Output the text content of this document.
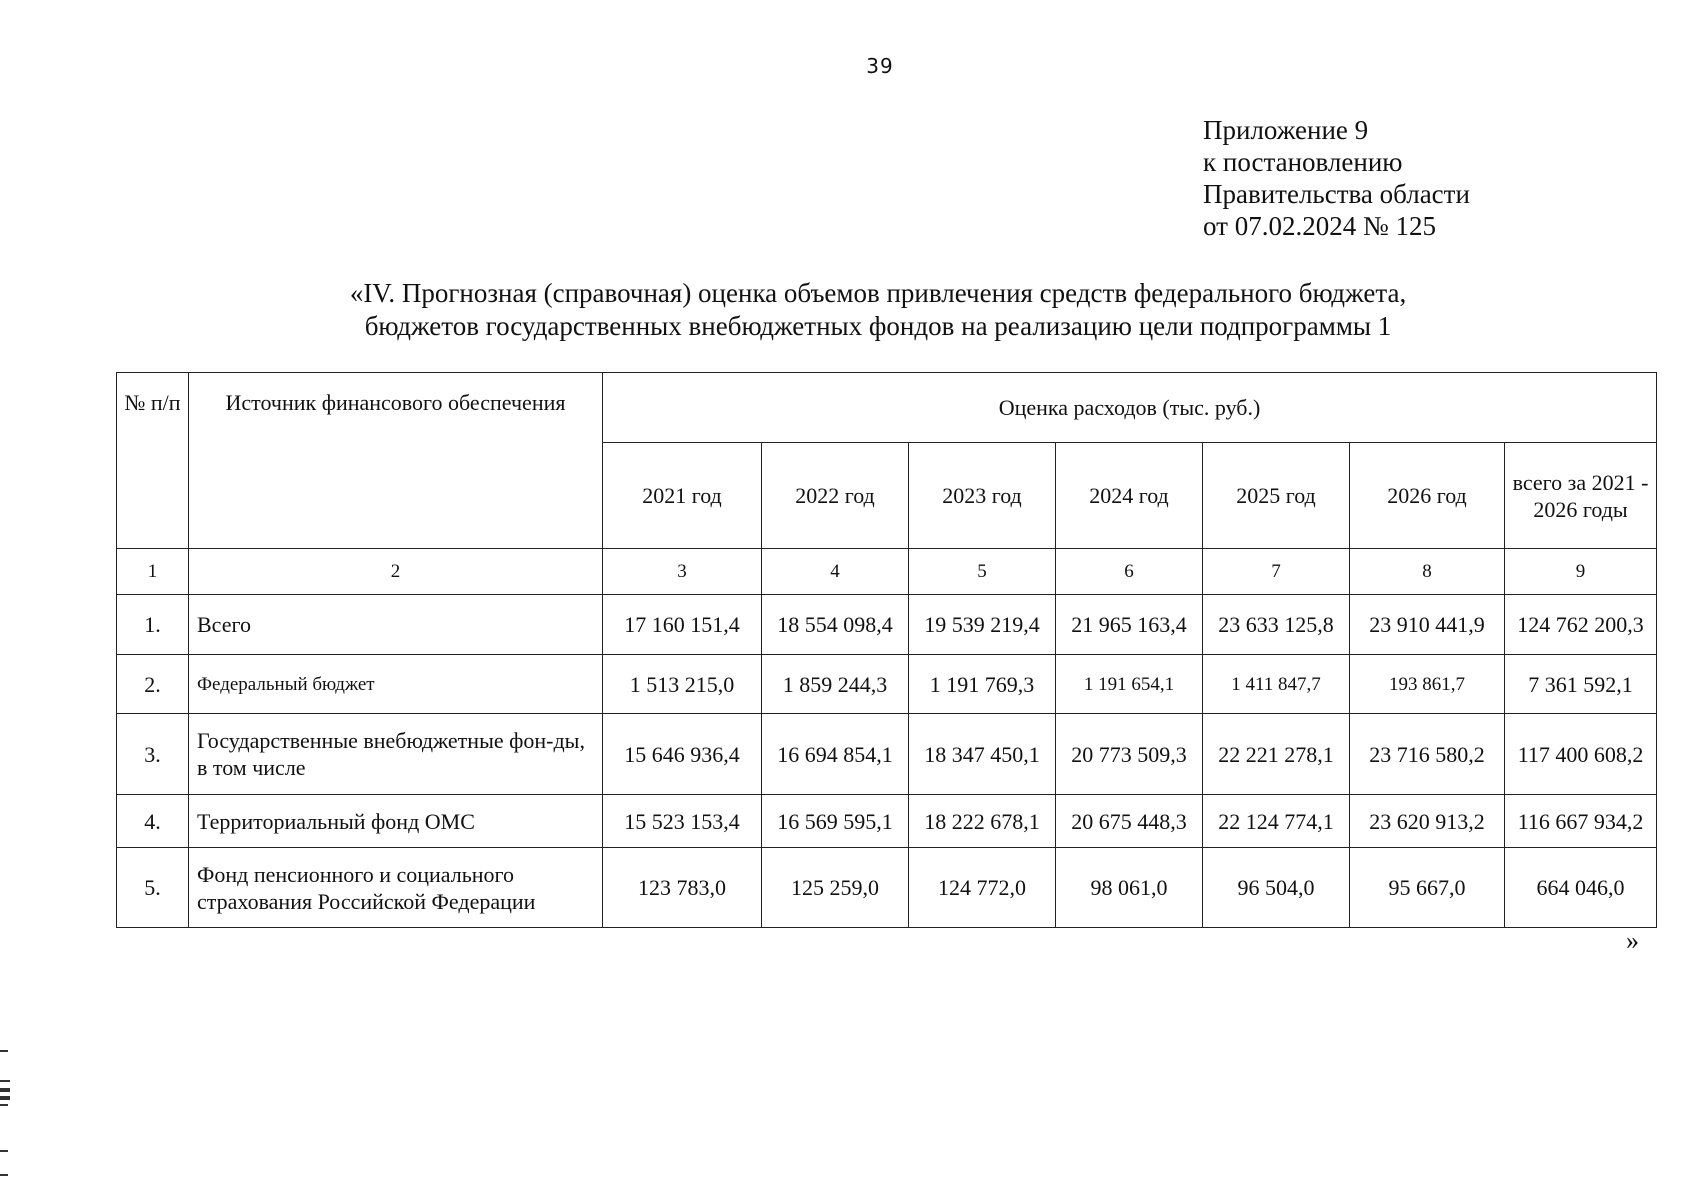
39
Приложение 9
к постановлению
Правительства области
от 07.02.2024 № 125
«IV. Прогнозная (справочная) оценка объемов привлечения средств федерального бюджета,
бюджетов государственных внебюджетных фондов на реализацию цели подпрограммы 1
№ п/п	Источник финансового обеспечения	Оценка расходов (тыс. руб.)						
		2021 год	2022 год	2023 год	2024 год	2025 год	2026 год	всего за 2021 - 2026 годы
1	2	3	4	5	6	7	8	9
1.	Всего	17 160 151,4	18 554 098,4	19 539 219,4	21 965 163,4	23 633 125,8	23 910 441,9	124 762 200,3
2.	Федеральный бюджет	1 513 215,0	1 859 244,3	1 191 769,3	1 191 654,1	1 411 847,7	193 861,7	7 361 592,1
3.	Государственные внебюджетные фон-ды, в том числе	15 646 936,4	16 694 854,1	18 347 450,1	20 773 509,3	22 221 278,1	23 716 580,2	117 400 608,2
4.	Территориальный фонд ОМС	15 523 153,4	16 569 595,1	18 222 678,1	20 675 448,3	22 124 774,1	23 620 913,2	116 667 934,2
5.	Фонд пенсионного и социального страхования Российской Федерации	123 783,0	125 259,0	124 772,0	98 061,0	96 504,0	95 667,0	664 046,0
»
